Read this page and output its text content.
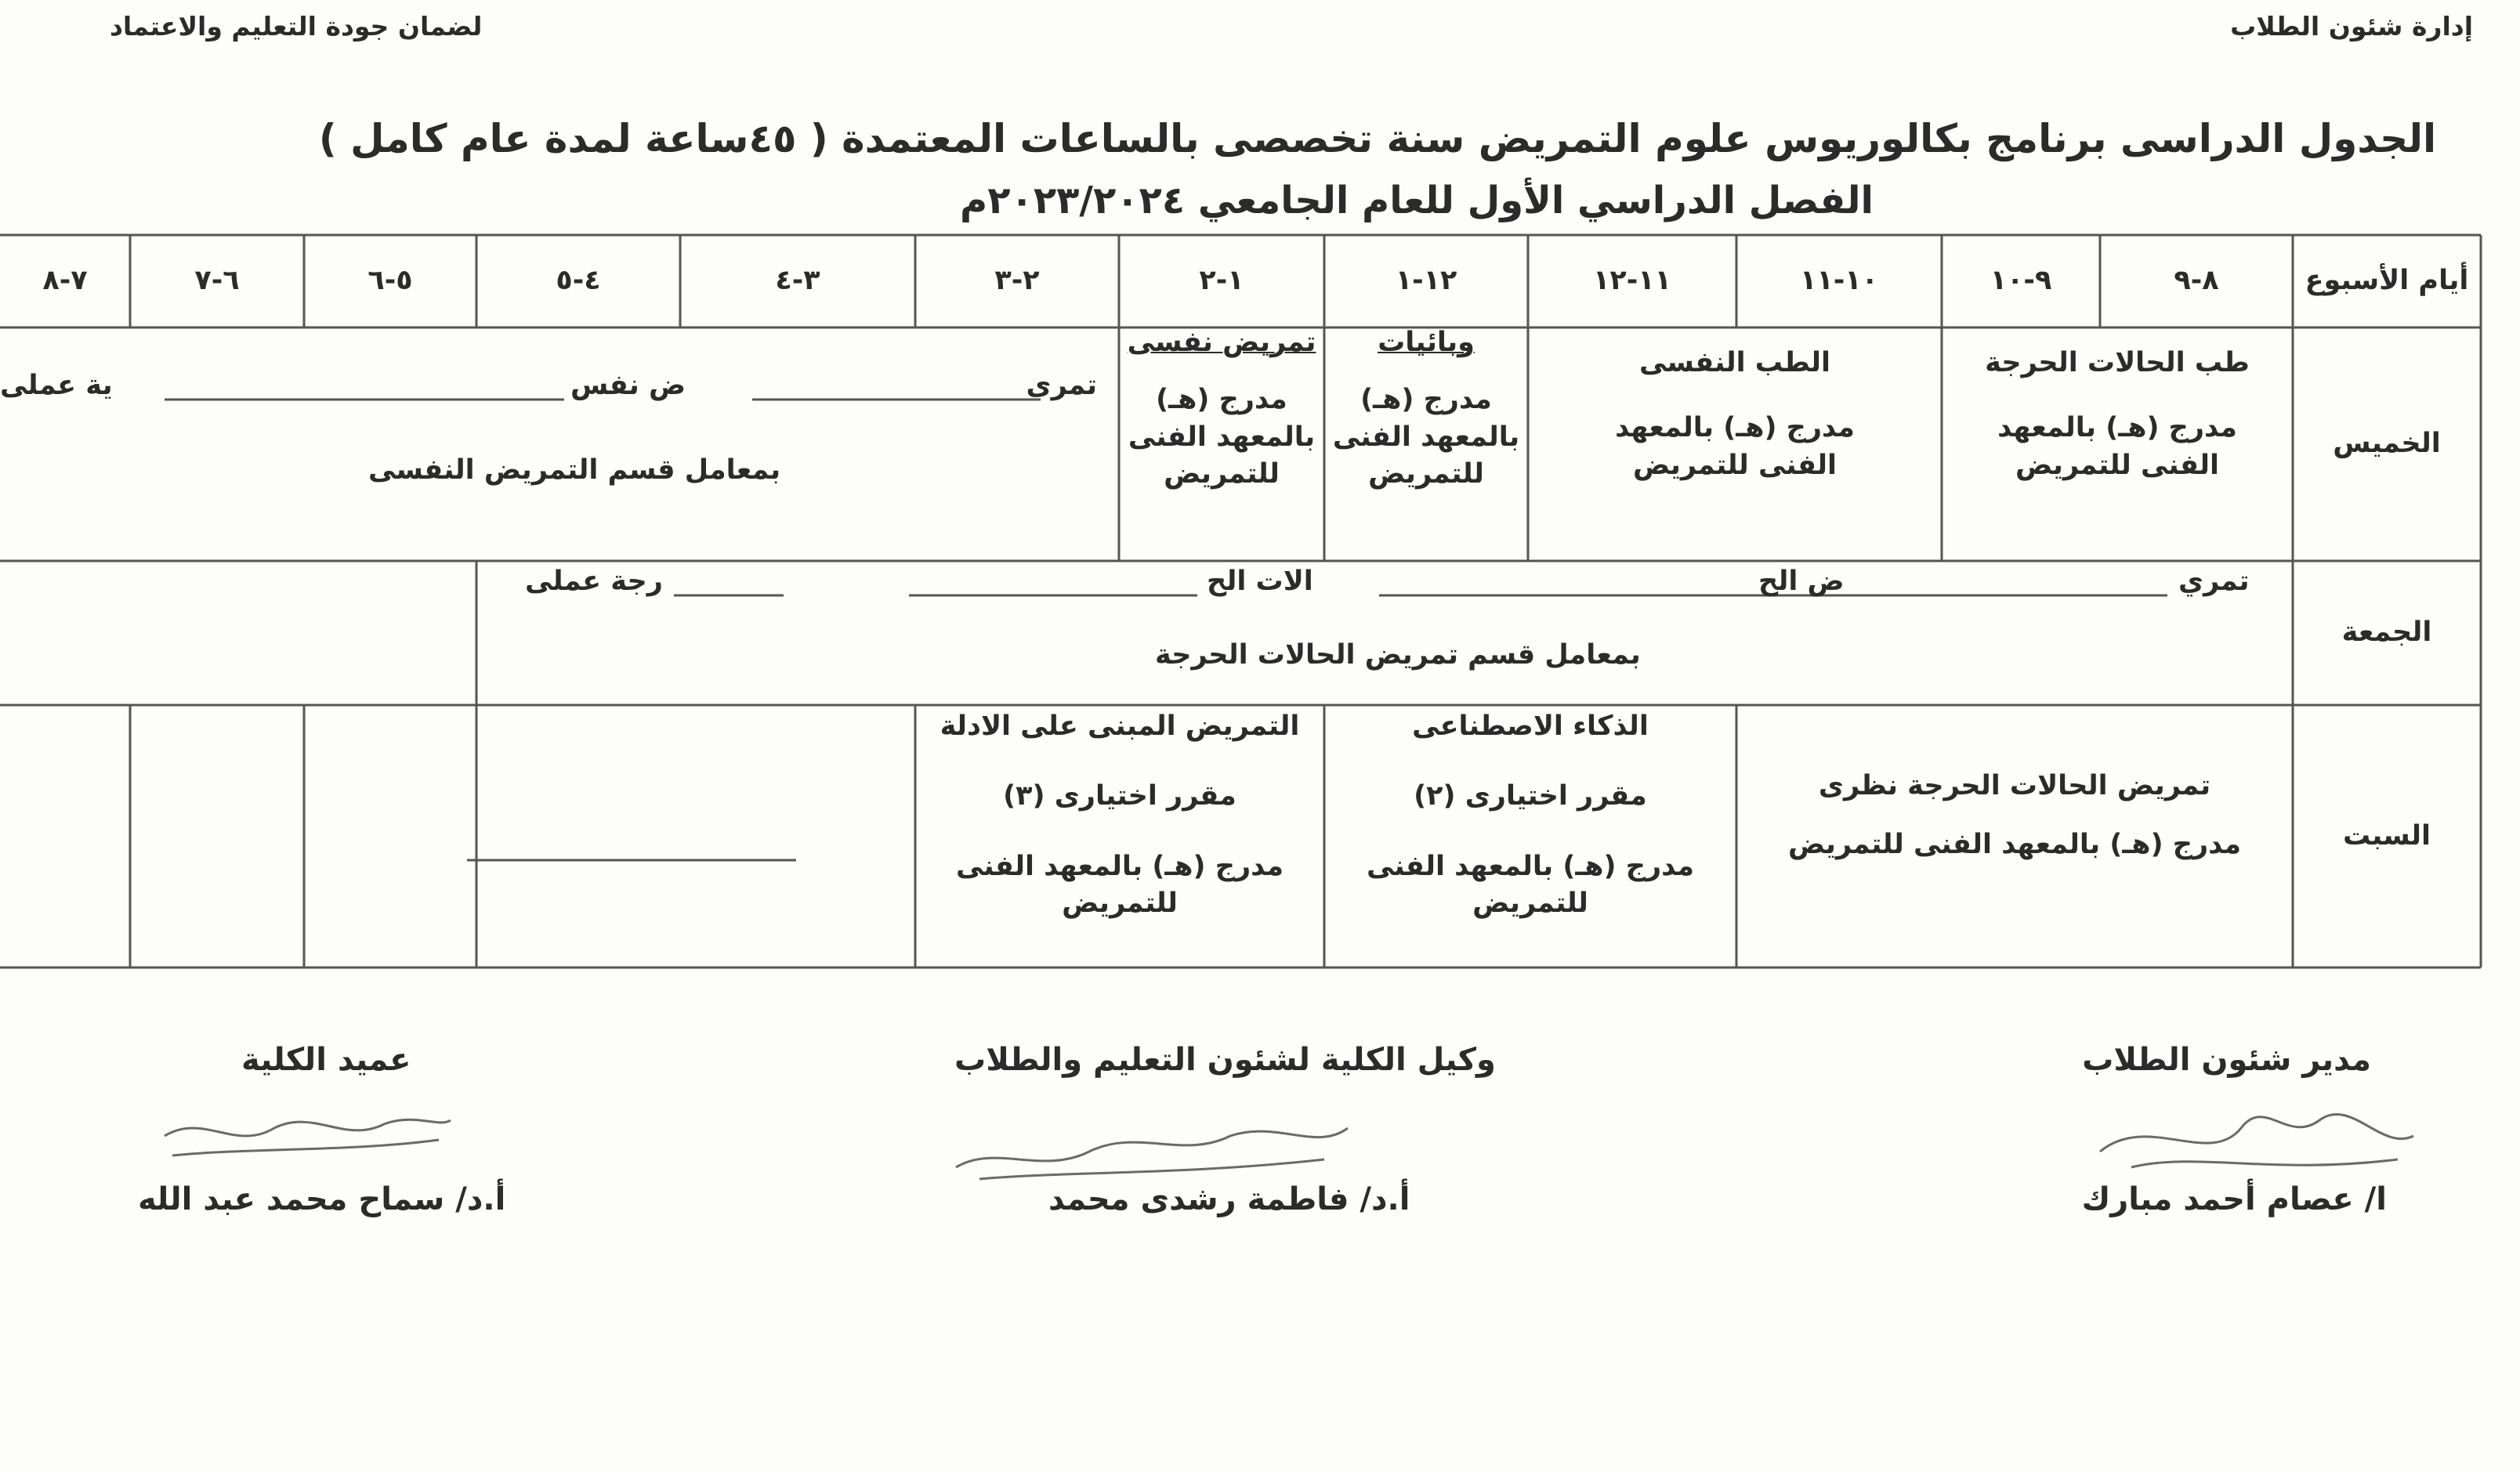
لضمان جودة التعليم والاعتماد	إدارة شئون الطلاب
الجدول الدراسى برنامج بكالوريوس علوم التمريض سنة تخصصى بالساعات المعتمدة ( ٤٥ساعة لمدة عام كامل )
الفصل الدراسي الأول للعام الجامعي ٢٠٢٣/٢٠٢٤م
أيام الأسبوع
٨-٩
٩-١٠
١٠-١١
١١-١٢
١٢-١
١-٢
٢-٣
٣-٤
٤-٥
٥-٦
٦-٧
٧-٨
الخميس
الجمعة
السبت
طب الحالات الحرجة
مدرج (هـ) بالمعهد الفنى للتمريض
الطب النفسى
مدرج (هـ) بالمعهد الفنى للتمريض
وبائيات
مدرج (هـ)
بالمعهد الفنى
للتمريض
تمريض نفسى
مدرج (هـ)
بالمعهد الفنى
للتمريض
تمري
ض نفس
ية عملى
بمعامل قسم التمريض النفسى
تمري
ض الح
الات الح
رجة عملى
بمعامل قسم تمريض الحالات الحرجة
تمريض الحالات الحرجة نظرى
مدرج (هـ) بالمعهد الفنى للتمريض
الذكاء الاصطناعى
مقرر اختيارى (٢)
مدرج (هـ) بالمعهد الفنى
للتمريض
التمريض المبنى على الادلة
مقرر اختيارى (٣)
مدرج (هـ) بالمعهد الفنى
للتمريض
مدير شئون الطلاب
ا/ عصام أحمد مبارك
وكيل الكلية لشئون التعليم والطلاب
أ.د/ فاطمة رشدى محمد
عميد الكلية
أ.د/ سماح محمد عبد الله
